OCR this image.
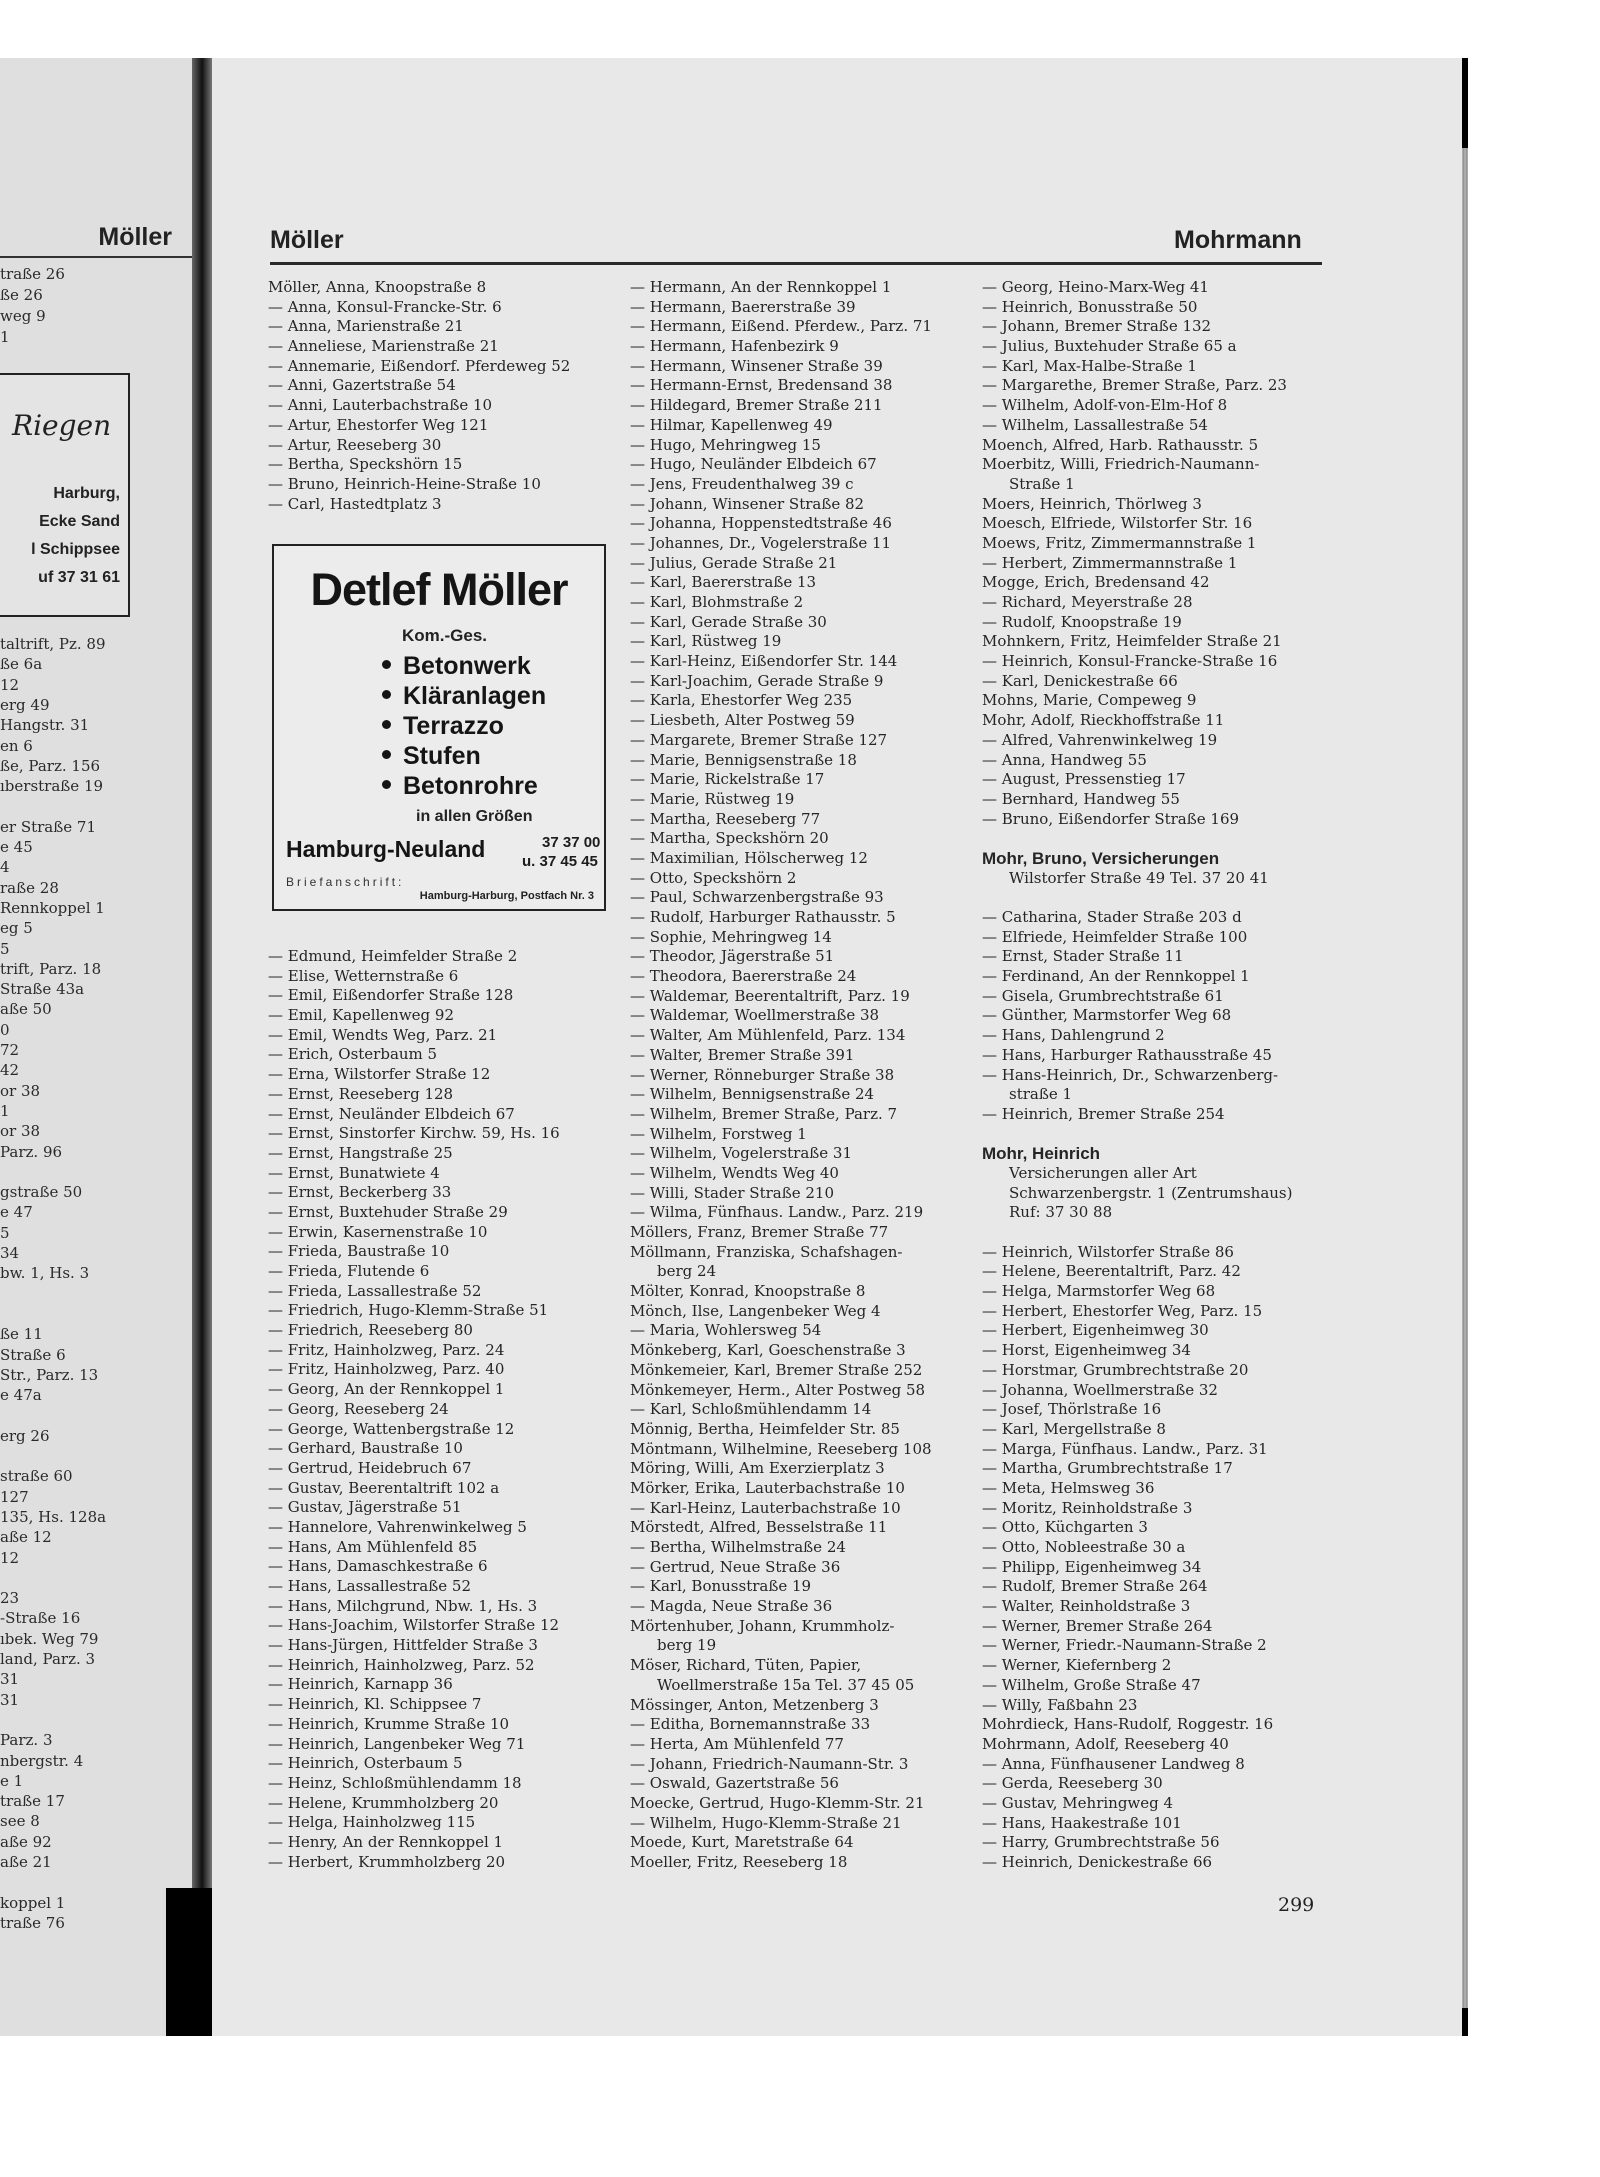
Möller
traße 26
ße 26
weg 9
1
Riegen
Harburg,
Ecke Sand
l Schippsee
uf 37 31 61
taltrift, Pz. 89
ße 6a
12
erg 49
Hangstr. 31
en 6
ße, Parz. 156
ıberstraße 19
er Straße 71
e 45
4
raße 28
Rennkoppel 1
eg 5
5
trift, Parz. 18
Straße 43a
aße 50
0
72
42
or 38
1
or 38
Parz. 96
gstraße 50
e 47
5
34
bw. 1, Hs. 3
ße 11
Straße 6
Str., Parz. 13
e 47a
erg 26
straße 60
127
135, Hs. 128a
aße 12
12
23
-Straße 16
ıbek. Weg 79
land, Parz. 3
31
31
Parz. 3
nbergstr. 4
e 1
traße 17
see 8
aße 92
aße 21
koppel 1
traße 76
Möller	Mohrmann
Möller, Anna, Knoopstraße 8
— Anna, Konsul-Francke-Str. 6
— Anna, Marienstraße 21
— Anneliese, Marienstraße 21
— Annemarie, Eißendorf. Pferdeweg 52
— Anni, Gazertstraße 54
— Anni, Lauterbachstraße 10
— Artur, Ehestorfer Weg 121
— Artur, Reeseberg 30
— Bertha, Speckshörn 15
— Bruno, Heinrich-Heine-Straße 10
— Carl, Hastedtplatz 3
Detlef Möller
Kom.-Ges.
Betonwerk
Kläranlagen
Terrazzo
Stufen
Betonrohre
in allen Größen
Hamburg-Neuland	37 37 00
u. 37 45 45
Briefanschrift:
Hamburg-Harburg, Postfach Nr. 3
— Edmund, Heimfelder Straße 2
— Elise, Wetternstraße 6
— Emil, Eißendorfer Straße 128
— Emil, Kapellenweg 92
— Emil, Wendts Weg, Parz. 21
— Erich, Osterbaum 5
— Erna, Wilstorfer Straße 12
— Ernst, Reeseberg 128
— Ernst, Neuländer Elbdeich 67
— Ernst, Sinstorfer Kirchw. 59, Hs. 16
— Ernst, Hangstraße 25
— Ernst, Bunatwiete 4
— Ernst, Beckerberg 33
— Ernst, Buxtehuder Straße 29
— Erwin, Kasernenstraße 10
— Frieda, Baustraße 10
— Frieda, Flutende 6
— Frieda, Lassallestraße 52
— Friedrich, Hugo-Klemm-Straße 51
— Friedrich, Reeseberg 80
— Fritz, Hainholzweg, Parz. 24
— Fritz, Hainholzweg, Parz. 40
— Georg, An der Rennkoppel 1
— Georg, Reeseberg 24
— George, Wattenbergstraße 12
— Gerhard, Baustraße 10
— Gertrud, Heidebruch 67
— Gustav, Beerentaltrift 102 a
— Gustav, Jägerstraße 51
— Hannelore, Vahrenwinkelweg 5
— Hans, Am Mühlenfeld 85
— Hans, Damaschkestraße 6
— Hans, Lassallestraße 52
— Hans, Milchgrund, Nbw. 1, Hs. 3
— Hans-Joachim, Wilstorfer Straße 12
— Hans-Jürgen, Hittfelder Straße 3
— Heinrich, Hainholzweg, Parz. 52
— Heinrich, Karnapp 36
— Heinrich, Kl. Schippsee 7
— Heinrich, Krumme Straße 10
— Heinrich, Langenbeker Weg 71
— Heinrich, Osterbaum 5
— Heinz, Schloßmühlendamm 18
— Helene, Krummholzberg 20
— Helga, Hainholzweg 115
— Henry, An der Rennkoppel 1
— Herbert, Krummholzberg 20
— Hermann, An der Rennkoppel 1
— Hermann, Baererstraße 39
— Hermann, Eißend. Pferdew., Parz. 71
— Hermann, Hafenbezirk 9
— Hermann, Winsener Straße 39
— Hermann-Ernst, Bredensand 38
— Hildegard, Bremer Straße 211
— Hilmar, Kapellenweg 49
— Hugo, Mehringweg 15
— Hugo, Neuländer Elbdeich 67
— Jens, Freudenthalweg 39 c
— Johann, Winsener Straße 82
— Johanna, Hoppenstedtstraße 46
— Johannes, Dr., Vogelerstraße 11
— Julius, Gerade Straße 21
— Karl, Baererstraße 13
— Karl, Blohmstraße 2
— Karl, Gerade Straße 30
— Karl, Rüstweg 19
— Karl-Heinz, Eißendorfer Str. 144
— Karl-Joachim, Gerade Straße 9
— Karla, Ehestorfer Weg 235
— Liesbeth, Alter Postweg 59
— Margarete, Bremer Straße 127
— Marie, Bennigsenstraße 18
— Marie, Rickelstraße 17
— Marie, Rüstweg 19
— Martha, Reeseberg 77
— Martha, Speckshörn 20
— Maximilian, Hölscherweg 12
— Otto, Speckshörn 2
— Paul, Schwarzenbergstraße 93
— Rudolf, Harburger Rathausstr. 5
— Sophie, Mehringweg 14
— Theodor, Jägerstraße 51
— Theodora, Baererstraße 24
— Waldemar, Beerentaltrift, Parz. 19
— Waldemar, Woellmerstraße 38
— Walter, Am Mühlenfeld, Parz. 134
— Walter, Bremer Straße 391
— Werner, Rönneburger Straße 38
— Wilhelm, Bennigsenstraße 24
— Wilhelm, Bremer Straße, Parz. 7
— Wilhelm, Forstweg 1
— Wilhelm, Vogelerstraße 31
— Wilhelm, Wendts Weg 40
— Willi, Stader Straße 210
— Wilma, Fünfhaus. Landw., Parz. 219
Möllers, Franz, Bremer Straße 77
Möllmann, Franziska, Schafshagen-
berg 24
Mölter, Konrad, Knoopstraße 8
Mönch, Ilse, Langenbeker Weg 4
— Maria, Wohlersweg 54
Mönkeberg, Karl, Goeschenstraße 3
Mönkemeier, Karl, Bremer Straße 252
Mönkemeyer, Herm., Alter Postweg 58
— Karl, Schloßmühlendamm 14
Mönnig, Bertha, Heimfelder Str. 85
Möntmann, Wilhelmine, Reeseberg 108
Möring, Willi, Am Exerzierplatz 3
Mörker, Erika, Lauterbachstraße 10
— Karl-Heinz, Lauterbachstraße 10
Mörstedt, Alfred, Besselstraße 11
— Bertha, Wilhelmstraße 24
— Gertrud, Neue Straße 36
— Karl, Bonusstraße 19
— Magda, Neue Straße 36
Mörtenhuber, Johann, Krummholz-
berg 19
Möser, Richard, Tüten, Papier,
Woellmerstraße 15a Tel. 37 45 05
Mössinger, Anton, Metzenberg 3
— Editha, Bornemannstraße 33
— Herta, Am Mühlenfeld 77
— Johann, Friedrich-Naumann-Str. 3
— Oswald, Gazertstraße 56
Moecke, Gertrud, Hugo-Klemm-Str. 21
— Wilhelm, Hugo-Klemm-Straße 21
Moede, Kurt, Maretstraße 64
Moeller, Fritz, Reeseberg 18
— Georg, Heino-Marx-Weg 41
— Heinrich, Bonusstraße 50
— Johann, Bremer Straße 132
— Julius, Buxtehuder Straße 65 a
— Karl, Max-Halbe-Straße 1
— Margarethe, Bremer Straße, Parz. 23
— Wilhelm, Adolf-von-Elm-Hof 8
— Wilhelm, Lassallestraße 54
Moench, Alfred, Harb. Rathausstr. 5
Moerbitz, Willi, Friedrich-Naumann-
Straße 1
Moers, Heinrich, Thörlweg 3
Moesch, Elfriede, Wilstorfer Str. 16
Moews, Fritz, Zimmermannstraße 1
— Herbert, Zimmermannstraße 1
Mogge, Erich, Bredensand 42
— Richard, Meyerstraße 28
— Rudolf, Knoopstraße 19
Mohnkern, Fritz, Heimfelder Straße 21
— Heinrich, Konsul-Francke-Straße 16
— Karl, Denickestraße 66
Mohns, Marie, Compeweg 9
Mohr, Adolf, Rieckhoffstraße 11
— Alfred, Vahrenwinkelweg 19
— Anna, Handweg 55
— August, Pressenstieg 17
— Bernhard, Handweg 55
— Bruno, Eißendorfer Straße 169
Mohr, Bruno, Versicherungen
Wilstorfer Straße 49 Tel. 37 20 41
— Catharina, Stader Straße 203 d
— Elfriede, Heimfelder Straße 100
— Ernst, Stader Straße 11
— Ferdinand, An der Rennkoppel 1
— Gisela, Grumbrechtstraße 61
— Günther, Marmstorfer Weg 68
— Hans, Dahlengrund 2
— Hans, Harburger Rathausstraße 45
— Hans-Heinrich, Dr., Schwarzenberg-
straße 1
— Heinrich, Bremer Straße 254
Mohr, Heinrich
Versicherungen aller Art
Schwarzenbergstr. 1 (Zentrumshaus)
Ruf: 37 30 88
— Heinrich, Wilstorfer Straße 86
— Helene, Beerentaltrift, Parz. 42
— Helga, Marmstorfer Weg 68
— Herbert, Ehestorfer Weg, Parz. 15
— Herbert, Eigenheimweg 30
— Horst, Eigenheimweg 34
— Horstmar, Grumbrechtstraße 20
— Johanna, Woellmerstraße 32
— Josef, Thörlstraße 16
— Karl, Mergellstraße 8
— Marga, Fünfhaus. Landw., Parz. 31
— Martha, Grumbrechtstraße 17
— Meta, Helmsweg 36
— Moritz, Reinholdstraße 3
— Otto, Küchgarten 3
— Otto, Nobleestraße 30 a
— Philipp, Eigenheimweg 34
— Rudolf, Bremer Straße 264
— Walter, Reinholdstraße 3
— Werner, Bremer Straße 264
— Werner, Friedr.-Naumann-Straße 2
— Werner, Kiefernberg 2
— Wilhelm, Große Straße 47
— Willy, Faßbahn 23
Mohrdieck, Hans-Rudolf, Roggestr. 16
Mohrmann, Adolf, Reeseberg 40
— Anna, Fünfhausener Landweg 8
— Gerda, Reeseberg 30
— Gustav, Mehringweg 4
— Hans, Haakestraße 101
— Harry, Grumbrechtstraße 56
— Heinrich, Denickestraße 66
299
